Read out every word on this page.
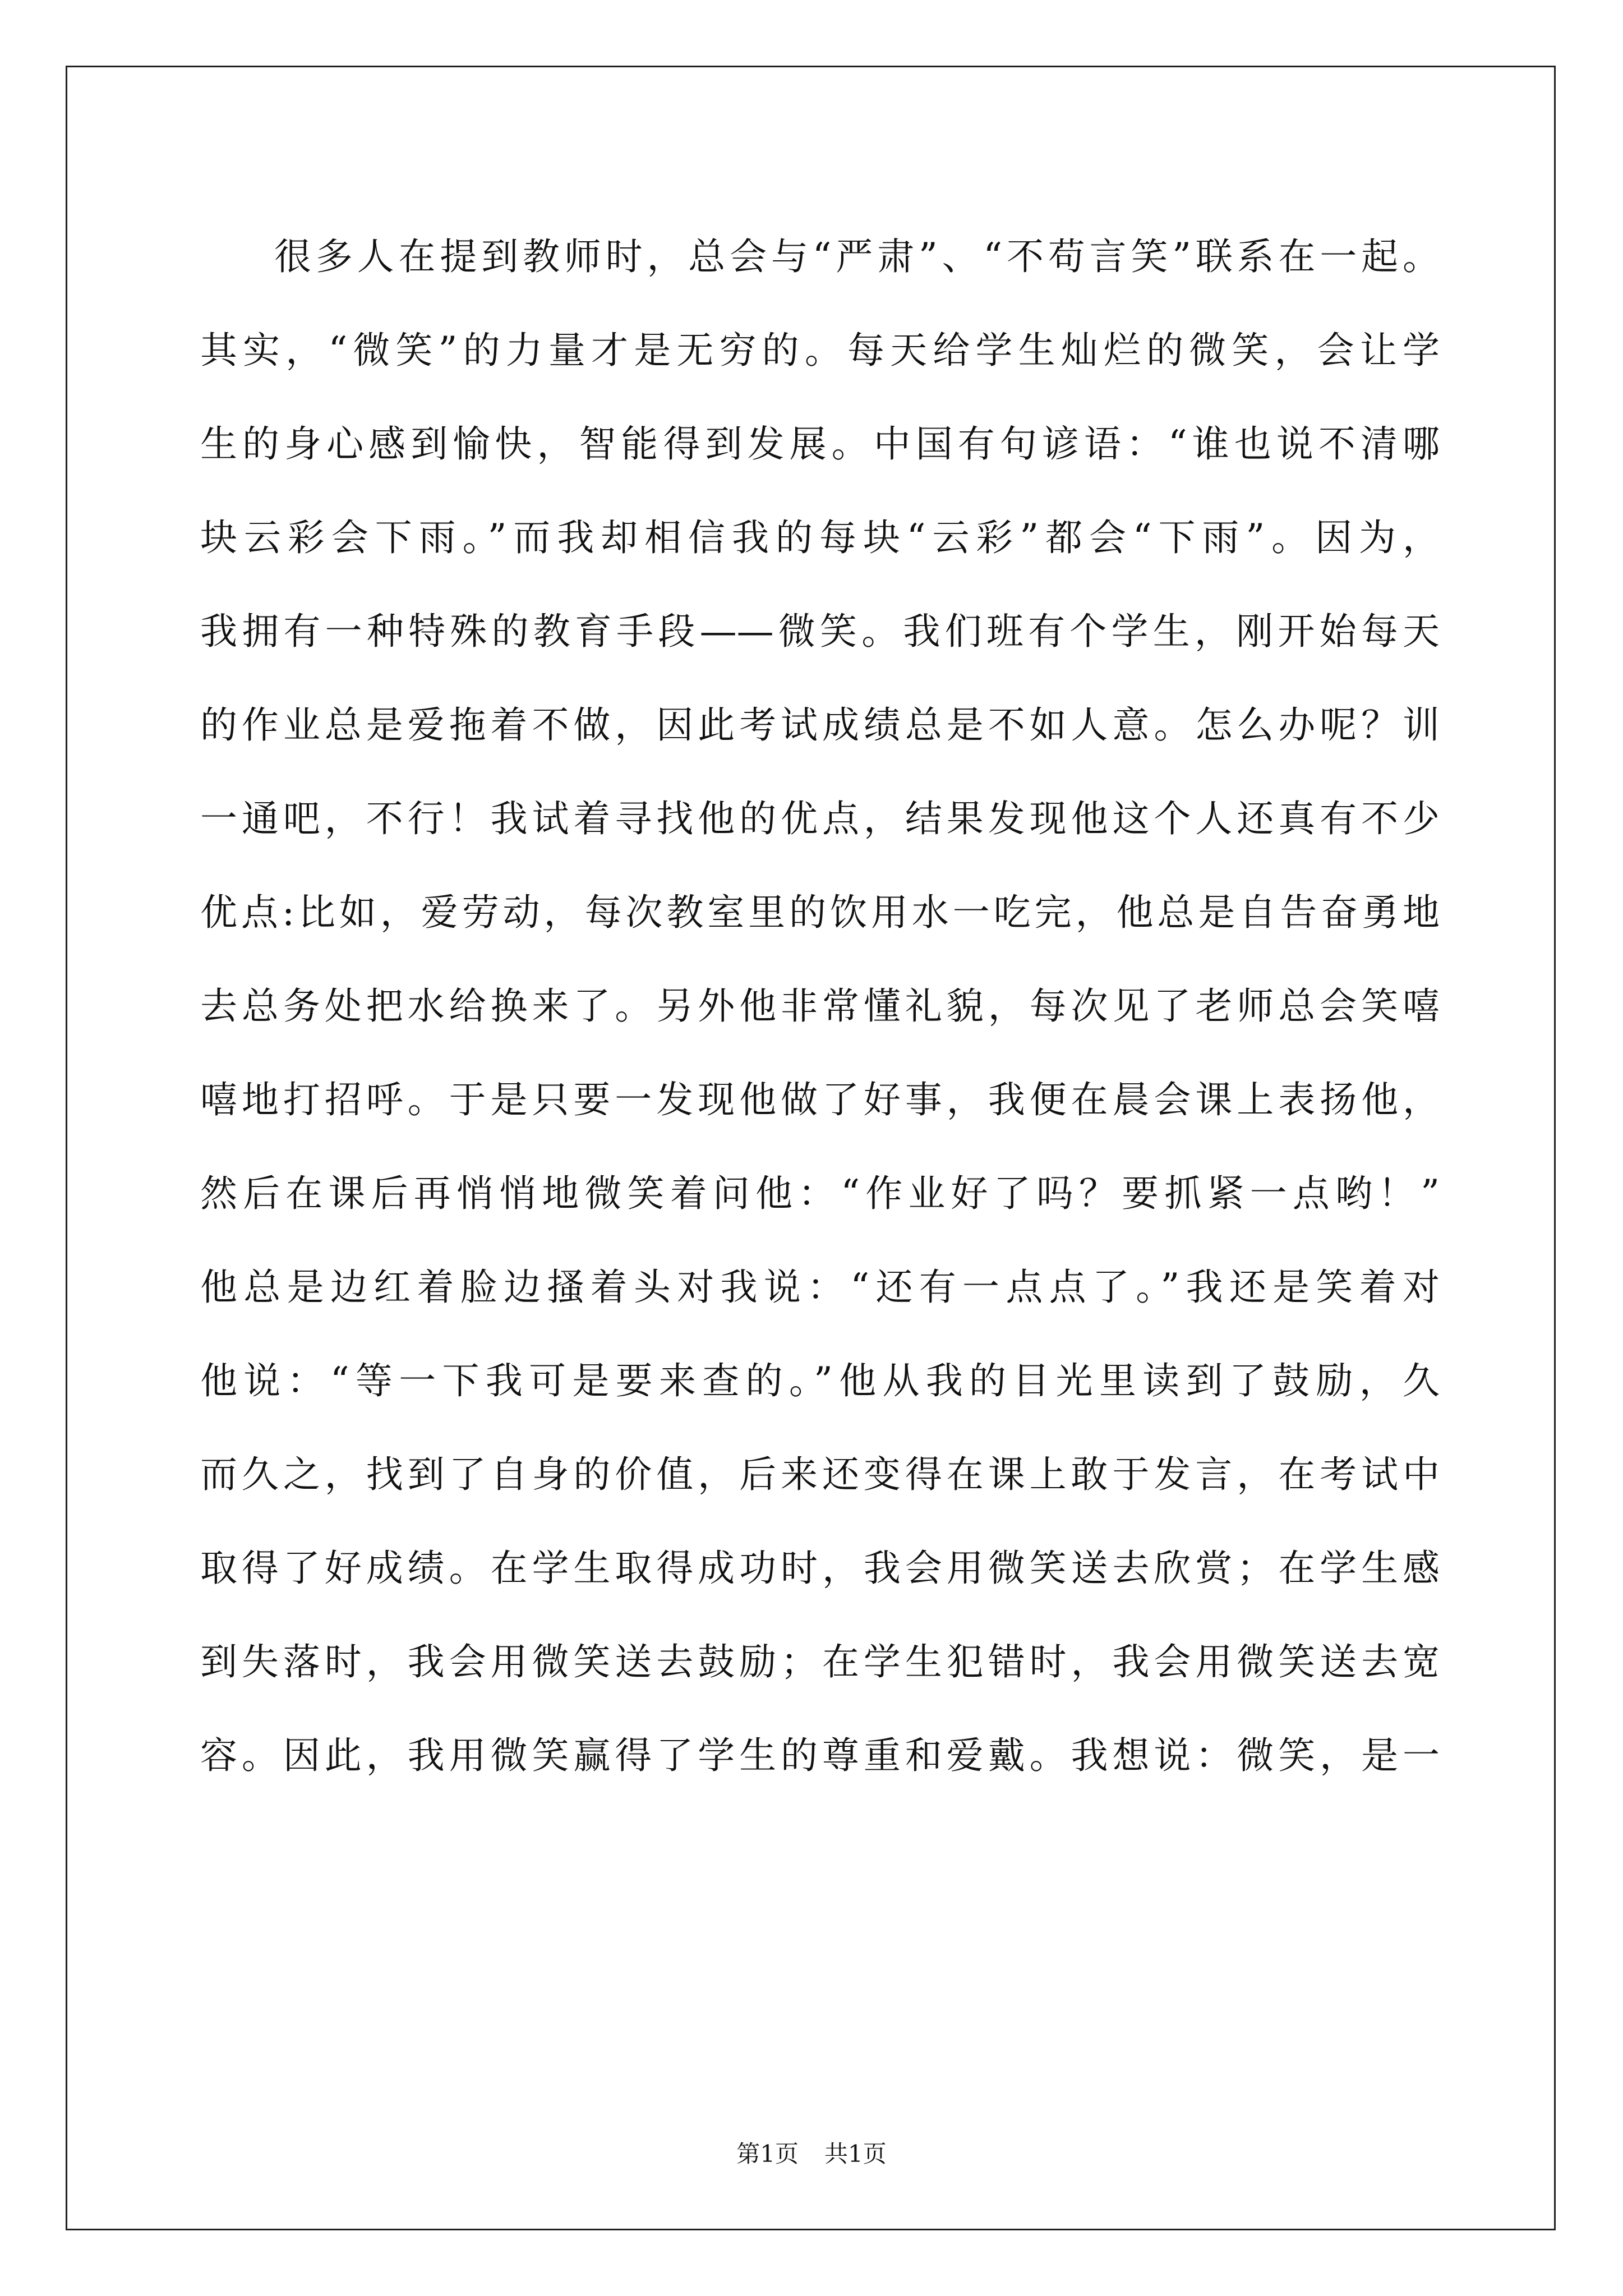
很多人在提到教师时，总会与“严肃”、“不苟言笑”联系在一起。
其实，“微笑”的力量才是无穷的。每天给学生灿烂的微笑，会让学
生的身心感到愉快，智能得到发展。中国有句谚语：“谁也说不清哪
块云彩会下雨。”而我却相信我的每块“云彩”都会“下雨”。因为，
我拥有一种特殊的教育手段——微笑。我们班有个学生，刚开始每天
的作业总是爱拖着不做，因此考试成绩总是不如人意。怎么办呢？训
一通吧，不行！我试着寻找他的优点，结果发现他这个人还真有不少
优点:比如，爱劳动，每次教室里的饮用水一吃完，他总是自告奋勇地
去总务处把水给换来了。另外他非常懂礼貌，每次见了老师总会笑嘻
嘻地打招呼。于是只要一发现他做了好事，我便在晨会课上表扬他，
然后在课后再悄悄地微笑着问他：“作业好了吗？要抓紧一点哟！”
他总是边红着脸边搔着头对我说：“还有一点点了。”我还是笑着对
他说：“等一下我可是要来查的。”他从我的目光里读到了鼓励，久
而久之，找到了自身的价值，后来还变得在课上敢于发言，在考试中
取得了好成绩。在学生取得成功时，我会用微笑送去欣赏；在学生感
到失落时，我会用微笑送去鼓励；在学生犯错时，我会用微笑送去宽
容。因此，我用微笑赢得了学生的尊重和爱戴。我想说：微笑，是一
第1页 共1页
